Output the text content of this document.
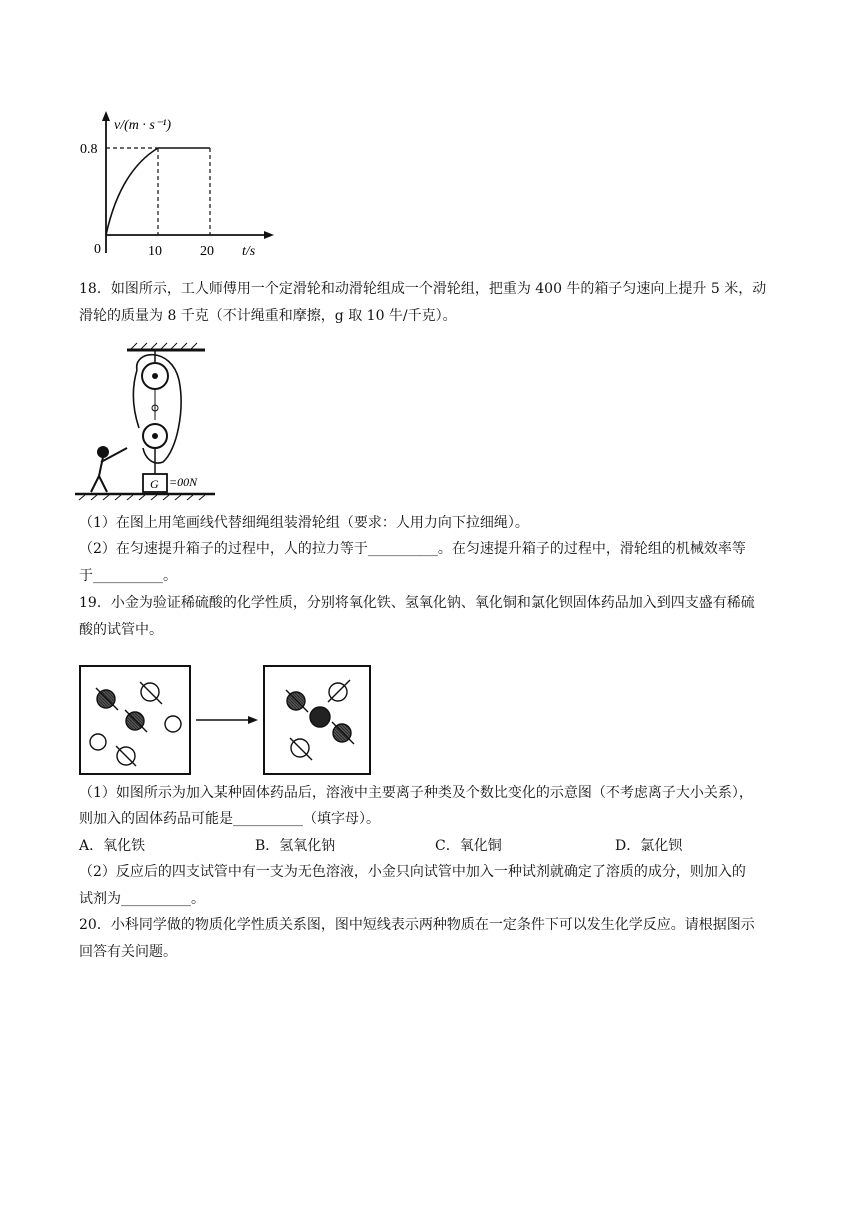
v/(m · s⁻¹)
0.8
0	10	20 t/s
18．如图所示，工人师傅用一个定滑轮和动滑轮组成一个滑轮组，把重为 400 牛的箱子匀速向上提升 5 米，动
滑轮的质量为 8 千克（不计绳重和摩擦，g 取 10 牛/千克）。
G =00N
（1）在图上用笔画线代替细绳组装滑轮组（要求：人用力向下拉细绳）。
（2）在匀速提升箱子的过程中，人的拉力等于__________。在匀速提升箱子的过程中，滑轮组的机械效率等
于__________。
19．小金为验证稀硫酸的化学性质，分别将氧化铁、氢氧化钠、氧化铜和氯化钡固体药品加入到四支盛有稀硫
酸的试管中。
（1）如图所示为加入某种固体药品后，溶液中主要离子种类及个数比变化的示意图（不考虑离子大小关系），
则加入的固体药品可能是__________（填字母）。
A．氧化铁	B．氢氧化钠	C．氧化铜	D．氯化钡
（2）反应后的四支试管中有一支为无色溶液，小金只向试管中加入一种试剂就确定了溶质的成分，则加入的
试剂为__________。
20．小科同学做的物质化学性质关系图，图中短线表示两种物质在一定条件下可以发生化学反应。请根据图示
回答有关问题。
